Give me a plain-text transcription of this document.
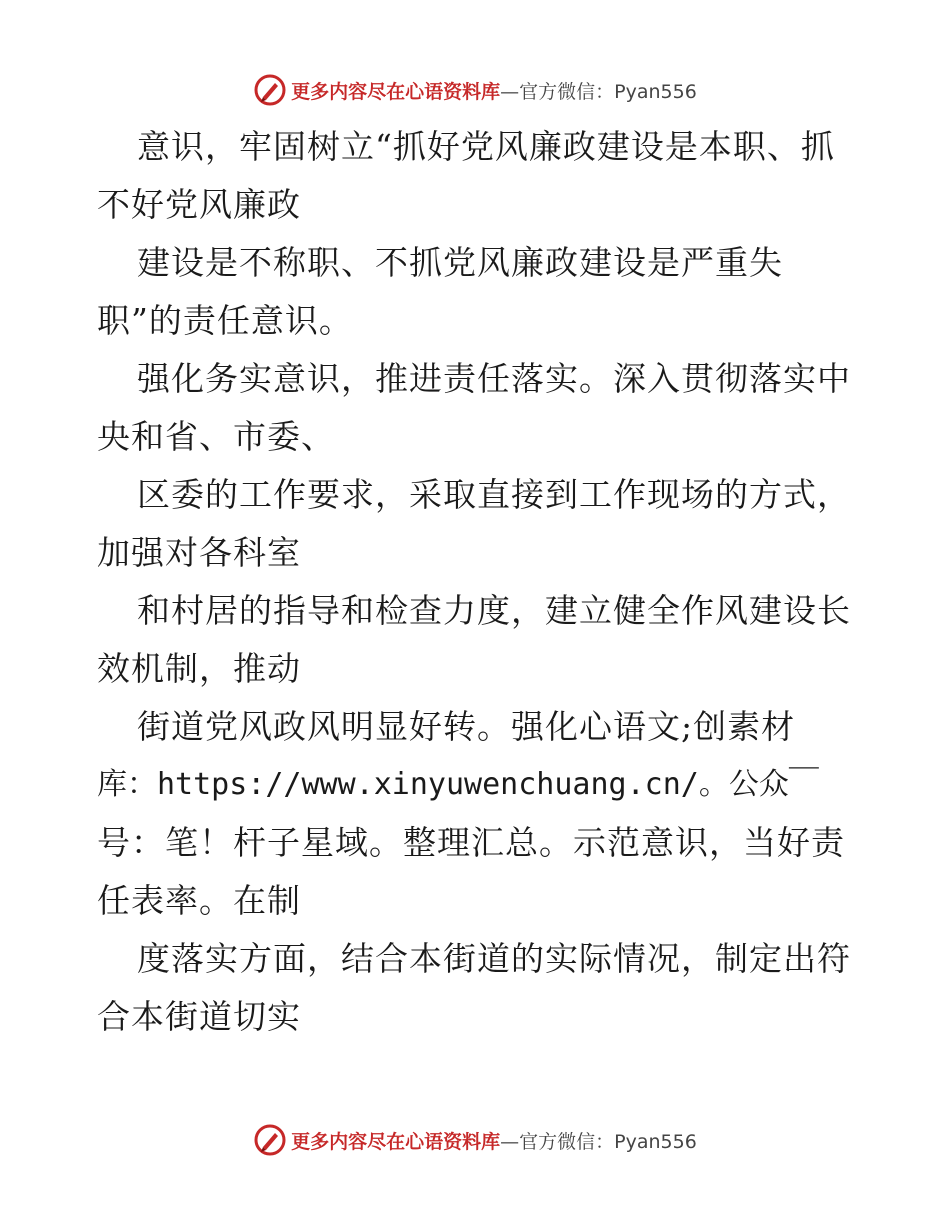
更多内容尽在心语资料库—官方微信：Pyan556
意识，牢固树立“抓好党风廉政建设是本职、抓
不好党风廉政
建设是不称职、不抓党风廉政建设是严重失
职”的责任意识。
强化务实意识，推进责任落实。深入贯彻落实中
央和省、市委、
区委的工作要求，采取直接到工作现场的方式，
加强对各科室
和村居的指导和检查力度，建立健全作风建设长
效机制，推动
街道党风政风明显好转。强化心语文;创素材
库：https://www.xinyuwenchuang.cn/。公众￣
号：笔！杆子星域。整理汇总。示范意识，当好责
任表率。在制
度落实方面，结合本街道的实际情况，制定出符
合本街道切实
更多内容尽在心语资料库—官方微信：Pyan556
